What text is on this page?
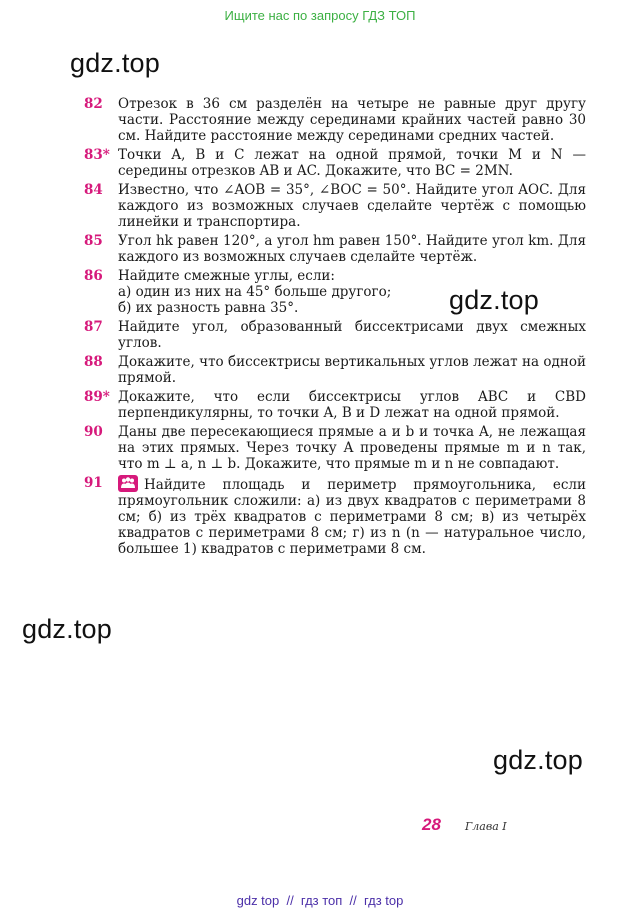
Ищите нас по запросу ГДЗ ТОП
gdz.top
gdz.top
gdz.top
gdz.top
82 Отрезок в 36 см разделён на четыре не равные друг другу части. Расстояние между серединами крайних частей равно 30 см. Найдите расстояние между серединами средних частей.
83* Точки A, B и C лежат на одной прямой, точки M и N — середины отрезков AB и AC. Докажите, что BC = 2MN.
84 Известно, что ∠AOB = 35°, ∠BOC = 50°. Найдите угол AOC. Для каждого из возможных случаев сделайте чертёж с помощью линейки и транспортира.
85 Угол hk равен 120°, а угол hm равен 150°. Найдите угол km. Для каждого из возможных случаев сделайте чертёж.
86 Найдите смежные углы, если:
а) один из них на 45° больше другого;
б) их разность равна 35°.
87 Найдите угол, образованный биссектрисами двух смежных углов.
88 Докажите, что биссектрисы вертикальных углов лежат на одной прямой.
89* Докажите, что если биссектрисы углов ABC и CBD перпендикулярны, то точки A, B и D лежат на одной прямой.
90 Даны две пересекающиеся прямые a и b и точка A, не лежащая на этих прямых. Через точку A проведены прямые m и n так, что m ⊥ a, n ⊥ b. Докажите, что прямые m и n не совпадают.
91	Найдите площадь и периметр прямоугольника, если прямоугольник сложили: а) из двух квадратов с периметрами 8 см; б) из трёх квадратов с периметрами 8 см; в) из четырёх квадратов с периметрами 8 см; г) из n (n — натуральное число, большее 1) квадратов с периметрами 8 см.
28 Глава I
gdz top  //  гдз топ  //  гдз top
